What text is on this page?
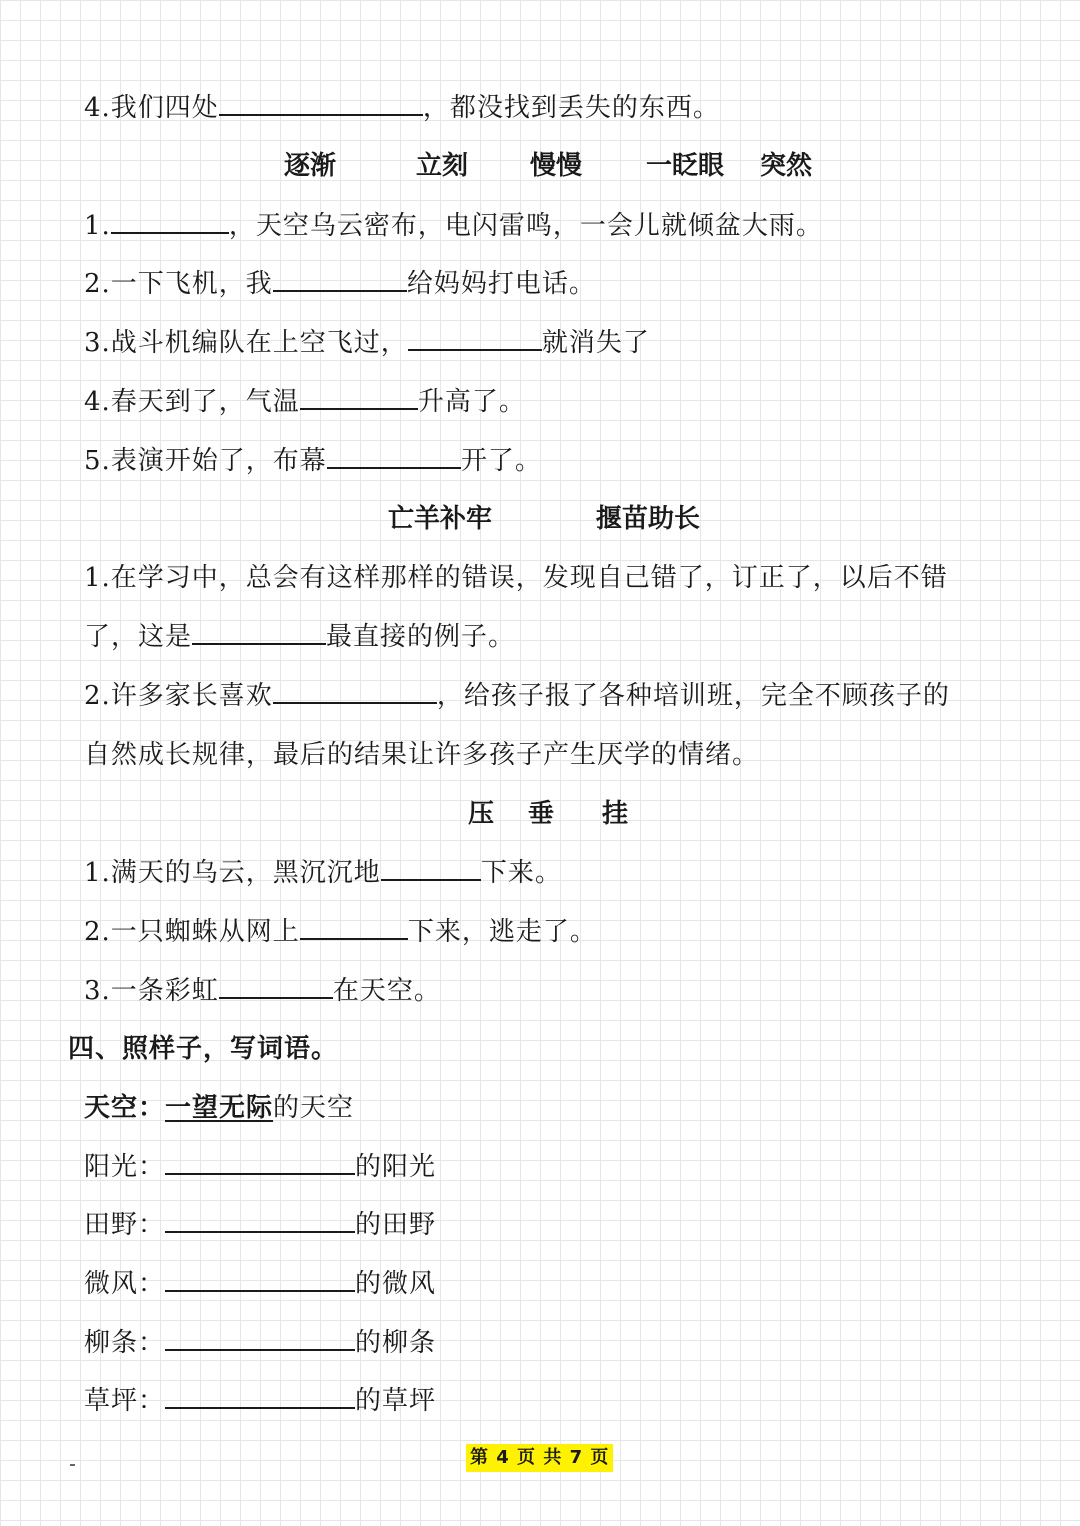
4.我们四处	，都没找到丢失的东西。
逐渐	立刻 慢慢 一眨眼 突然
1.	，天空乌云密布，电闪雷鸣，一会儿就倾盆大雨。
2.一下飞机，我	给妈妈打电话。
3.战斗机编队在上空飞过，	就消失了
4.春天到了，气温	升高了。
5.表演开始了，布幕	开了。
亡羊补牢	揠苗助长
1.在学习中，总会有这样那样的错误，发现自己错了，订正了，以后不错
了，这是	最直接的例子。
2.许多家长喜欢	，给孩子报了各种培训班，完全不顾孩子的
自然成长规律，最后的结果让许多孩子产生厌学的情绪。
压 垂 挂
1.满天的乌云，黑沉沉地	下来。
2.一只蜘蛛从网上	下来，逃走了。
3.一条彩虹	在天空。
四、照样子，写词语。
天空：一望无际的天空
阳光：	的阳光
田野：	的田野
微风：	的微风
柳条：	的柳条
草坪：	的草坪
第 4 页 共 7 页
